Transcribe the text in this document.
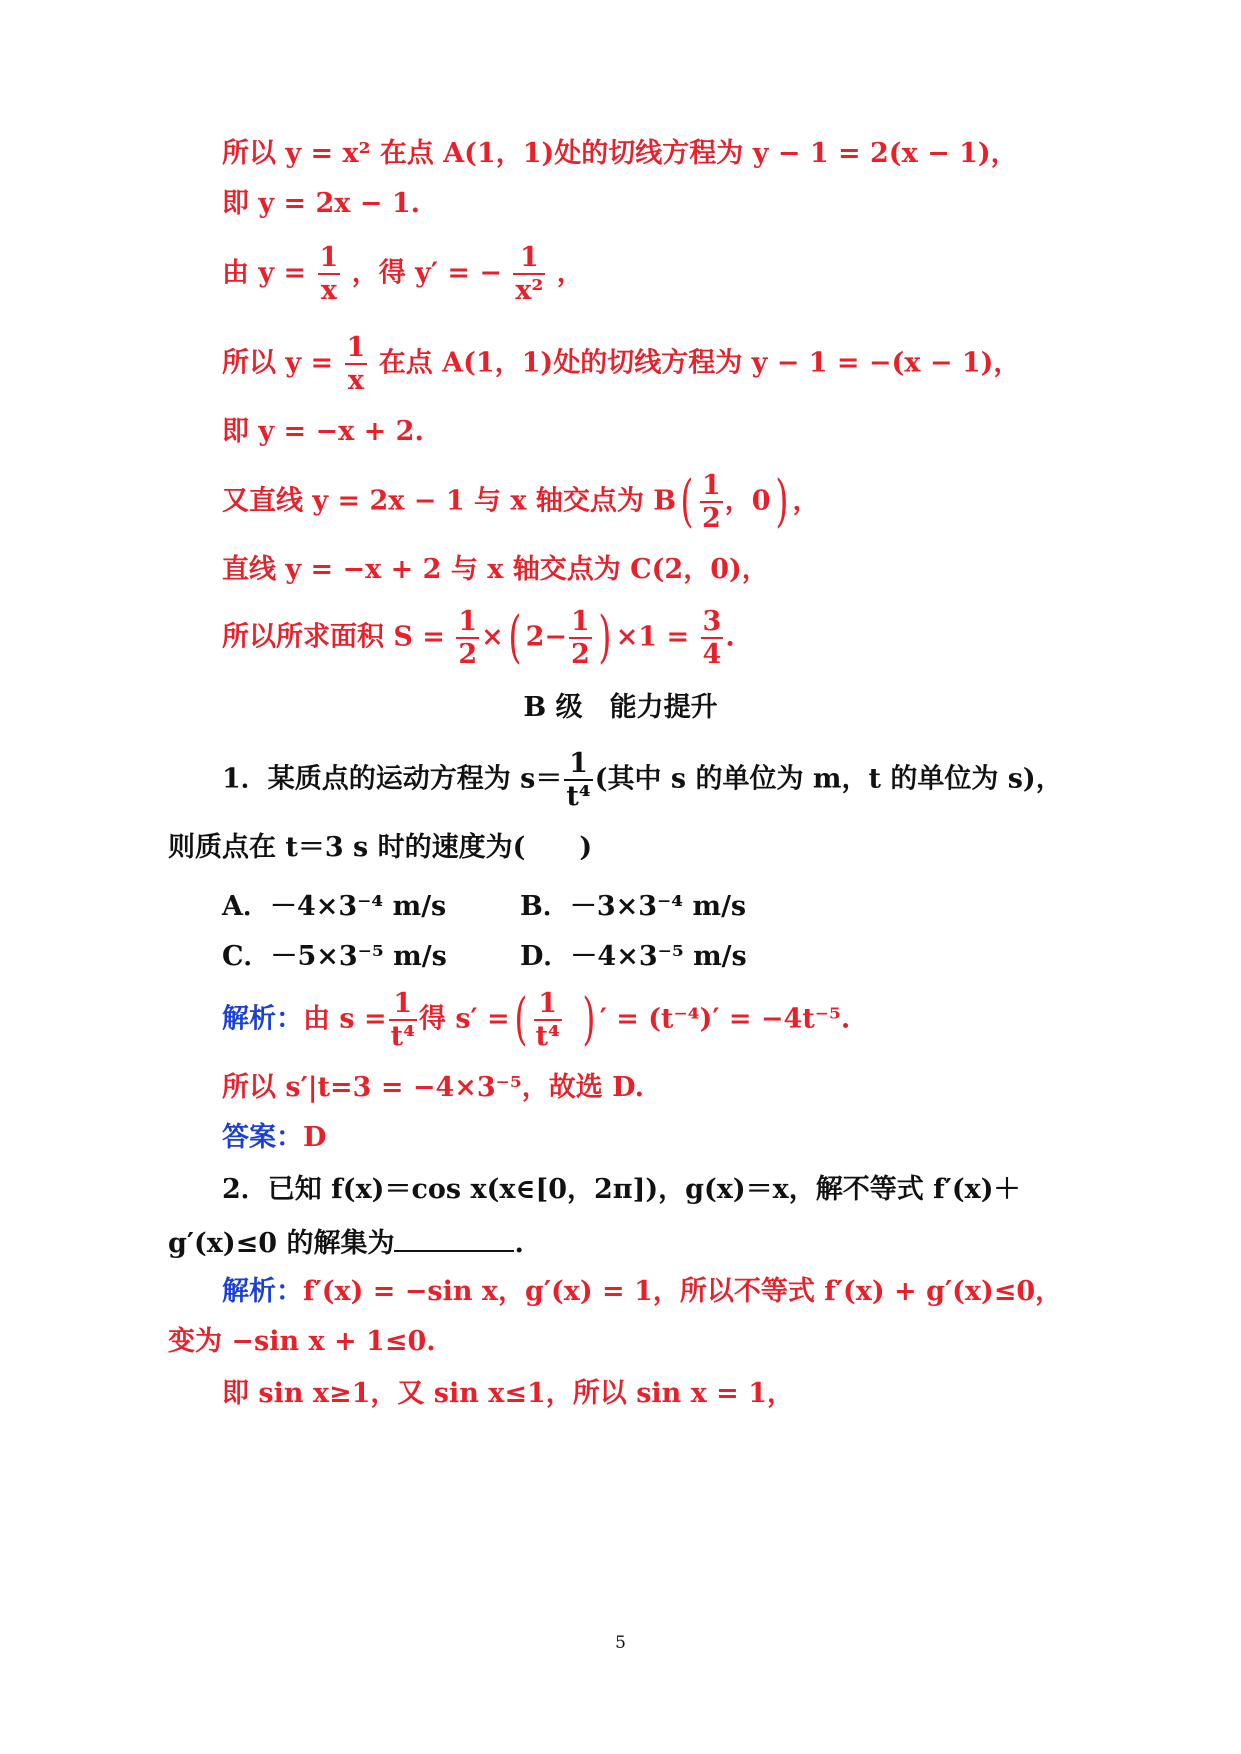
所以 y = x² 在点 A(1，1)处的切线方程为 y − 1 = 2(x − 1)，
即 y = 2x − 1.
由 $y = \frac{1}{x}$ ，得 y′ = − $\frac{1}{\text{x²}}$ ，
所以 $y = \frac{1}{x}$ 在点 A(1，1)处的切线方程为 y − 1 = −(x − 1)，
即 y = −x + 2.
又直线 y = 2x − 1 与 x 轴交点为 $B( \frac{1}{2}$ ，0) ，
直线 y = −x + 2 与 x 轴交点为 C(2，0)，
所以所求面积 $S = \frac{1}{2}$ ×( $2- \frac{1}{2}$ ) $\times 1 = \frac{3}{4}$ .
B 级　能力提升
1．某质点的运动方程为 $s= \frac{1}{\text{t⁴}}$ (其中 s 的单位为 m，t 的单位为 s)，
则质点在 t＝3 s 时的速度为(　　)
A．－4×3⁻⁴ m/s	B．－3×3⁻⁴ m/s
C．－5×3⁻⁵ m/s	D．－4×3⁻⁵ m/s
解析：由 $s = \frac{1}{\text{t⁴}}$ 得 s′ =( $\frac{1}{\text{t⁴}}$ ) ′ = (t⁻⁴)′ = −4t⁻⁵.
所以 s′|t=3 = −4×3⁻⁵，故选 D.
答案：D
2．已知 f(x)＝cos x(x∈[0，2π])，g(x)＝x，解不等式 f′(x)＋
g′(x)≤0 的解集为	.
解析：f′(x) = −sin x，g′(x) = 1，所以不等式 f′(x) + g′(x)≤0，
变为 −sin x + 1≤0.
即 sin x≥1，又 sin x≤1，所以 sin x = 1，
5
